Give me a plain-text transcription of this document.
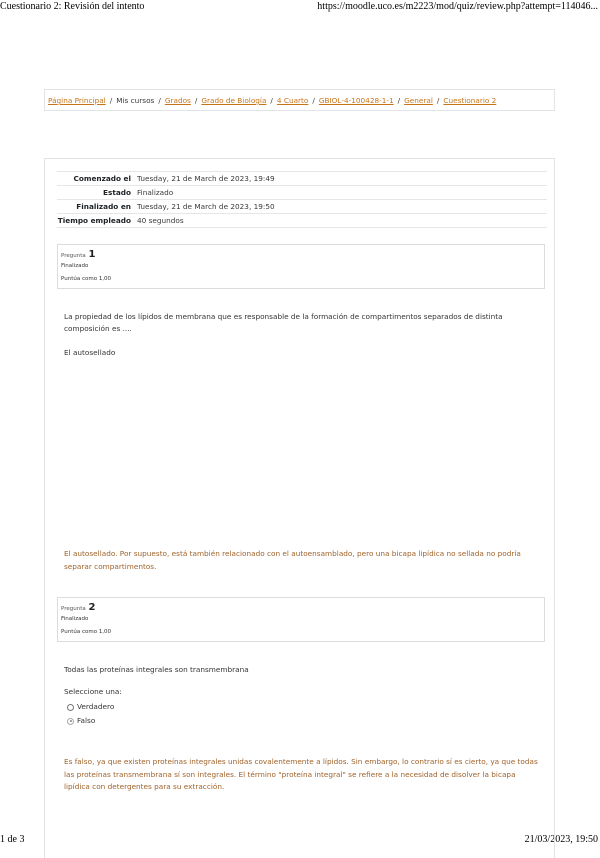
Cuestionario 2: Revisión del intento	https://moodle.uco.es/m2223/mod/quiz/review.php?attempt=114046...
1 de 3	21/03/2023, 19:50
Página Principal / Mis cursos / Grados / Grado de Biología / 4 Cuarto / GBIOL-4-100428-1-1 / General / Cuestionario 2
Comenzado el Tuesday, 21 de March de 2023, 19:49
Estado Finalizado
Finalizado en Tuesday, 21 de March de 2023, 19:50
Tiempo empleado 40 segundos
Pregunta 1
Finalizado
Puntúa como 1,00
La propiedad de los lípidos de membrana que es responsable de la formación de compartimentos separados de distinta composición es ....
El autosellado
El autosellado. Por supuesto, está también relacionado con el autoensamblado, pero una bicapa lipídica no sellada no podría separar compartimentos.
Pregunta 2
Finalizado
Puntúa como 1,00
Todas las proteínas integrales son transmembrana
Seleccione una:
Verdadero
Falso
Es falso, ya que existen proteínas integrales unidas covalentemente a lípidos. Sin embargo, lo contrario sí es cierto, ya que todas las proteínas transmembrana sí son integrales. El término "proteína integral" se refiere a la necesidad de disolver la bicapa lipídica con detergentes para su extracción.
